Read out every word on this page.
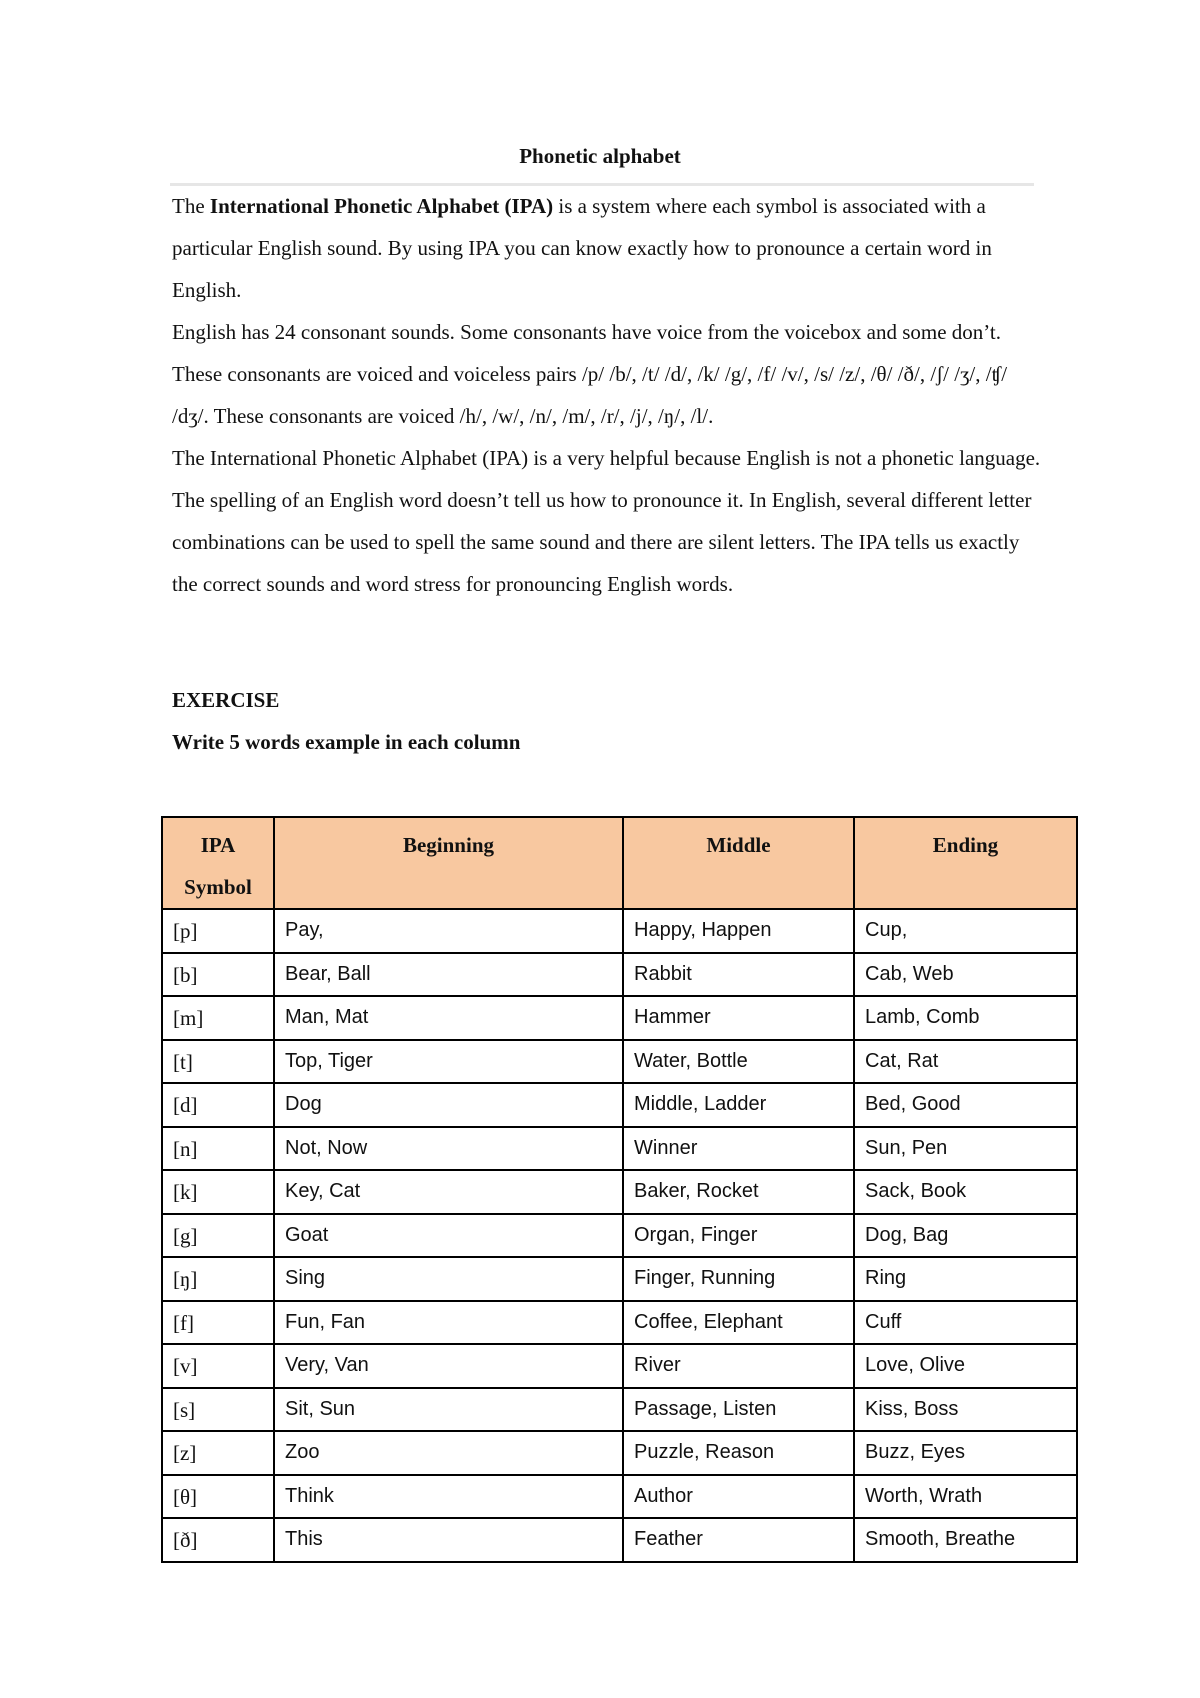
Phonetic alphabet

The International Phonetic Alphabet (IPA) is a system where each symbol is associated with a particular English sound. By using IPA you can know exactly how to pronounce a certain word in English.

English has 24 consonant sounds. Some consonants have voice from the voicebox and some don’t. These consonants are voiced and voiceless pairs /p/ /b/, /t/ /d/, /k/ /g/, /f/ /v/, /s/ /z/, /θ/ /ð/, /ʃ/ /ʒ/, /ʧ/ /dʒ/. These consonants are voiced /h/, /w/, /n/, /m/, /r/, /j/, /ŋ/, /l/.

The International Phonetic Alphabet (IPA) is a very helpful because English is not a phonetic language. The spelling of an English word doesn’t tell us how to pronounce it. In English, several different letter combinations can be used to spell the same sound and there are silent letters. The IPA tells us exactly the correct sounds and word stress for pronouncing English words.

EXERCISE
Write 5 words example in each column
IPA Symbol	Beginning	Middle	Ending
[p]	Pay,	Happy, Happen	Cup,
[b]	Bear, Ball	Rabbit	Cab, Web
[m]	Man, Mat	Hammer	Lamb, Comb
[t]	Top, Tiger	Water, Bottle	Cat, Rat
[d]	Dog	Middle, Ladder	Bed, Good
[n]	Not, Now	Winner	Sun, Pen
[k]	Key, Cat	Baker, Rocket	Sack, Book
[g]	Goat	Organ, Finger	Dog, Bag
[ŋ]	Sing	Finger, Running	Ring
[f]	Fun, Fan	Coffee, Elephant	Cuff
[v]	Very, Van	River	Love, Olive
[s]	Sit, Sun	Passage, Listen	Kiss, Boss
[z]	Zoo	Puzzle, Reason	Buzz, Eyes
[θ]	Think	Author	Worth, Wrath
[ð]	This	Feather	Smooth, Breathe
